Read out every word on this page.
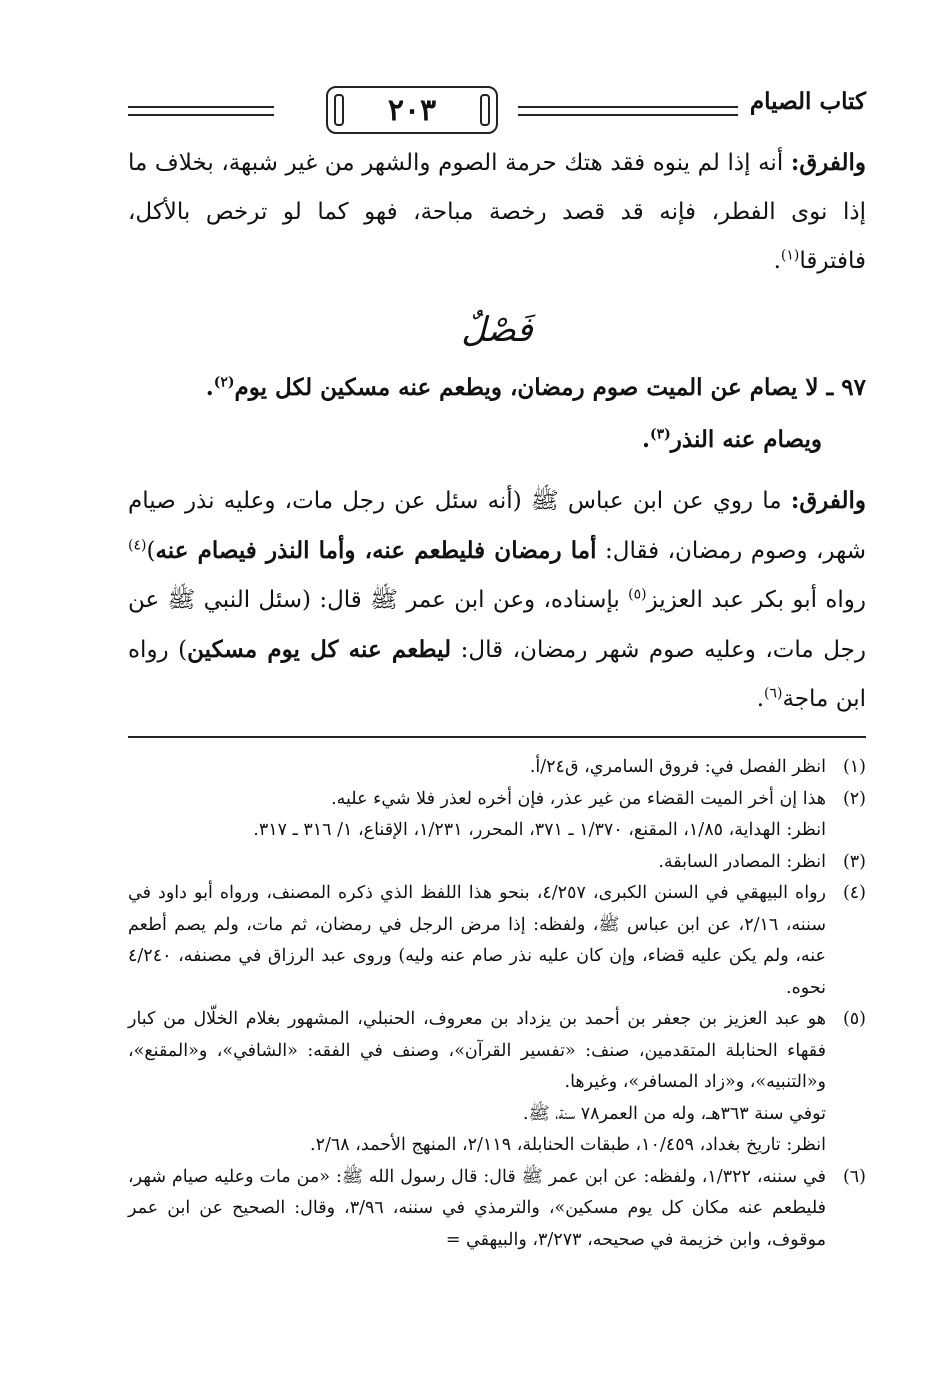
كتاب الصيام
٢٠٣

والفرق: أنه إذا لم ينوه فقد هتك حرمة الصوم والشهر من غير شبهة، بخلاف ما إذا نوى الفطر، فإنه قد قصد رخصة مباحة، فهو كما لو ترخص بالأكل، فافترقا$^{(١)}$.

فَصْلٌ

٩٧ ـ لا يصام عن الميت صوم رمضان، ويطعم عنه مسكين لكل يوم$^{(٢)}$.

ويصام عنه النذر$^{(٣)}$.

والفرق: ما روي عن ابن عباس ﷺ (أنه سئل عن رجل مات، وعليه نذر صيام شهر، وصوم رمضان، فقال: أما رمضان فليطعم عنه، وأما النذر فيصام عنه)$^{(٤)}$ رواه أبو بكر عبد العزيز$^{(٥)}$ بإسناده، وعن ابن عمر ﷺ قال: (سئل النبي ﷺ عن رجل مات، وعليه صوم شهر رمضان، قال: ليطعم عنه كل يوم مسكين) رواه ابن ماجة$^{(٦)}$.

(١)
انظر الفصل في: فروق السامري، ق٢٤/أ.
(٢)
هذا إن أخر الميت القضاء من غير عذر، فإن أخره لعذر فلا شيء عليه.
انظر: الهداية، ١/٨٥، المقنع، ١/٣٧٠ ـ ٣٧١، المحرر، ١/٢٣١، الإقناع، ١/ ٣١٦ ـ ٣١٧.
(٣)
انظر: المصادر السابقة.
(٤)
رواه البيهقي في السنن الكبرى، ٤/٢٥٧، بنحو هذا اللفظ الذي ذكره المصنف، ورواه أبو داود في سننه، ٢/١٦، عن ابن عباس ﷺ، ولفظه: إذا مرض الرجل في رمضان، ثم مات، ولم يصم أطعم عنه، ولم يكن عليه قضاء، وإن كان عليه نذر صام عنه وليه) وروى عبد الرزاق في مصنفه، ٤/٢٤٠ نحوه.
(٥)
هو عبد العزيز بن جعفر بن أحمد بن يزداد بن معروف، الحنبلي، المشهور بغلام الخلّال من كبار فقهاء الحنابلة المتقدمين، صنف: «تفسير القرآن»، وصنف في الفقه: «الشافي»، و«المقنع»، و«التنبيه»، و«زاد المسافر»، وغيرها.
توفي سنة ٣٦٣هـ، وله من العمر٧٨ سنة، ﷺ.
انظر: تاريخ بغداد، ١٠/٤٥٩، طبقات الحنابلة، ٢/١١٩، المنهج الأحمد، ٢/٦٨.
(٦)
في سننه، ١/٣٢٢، ولفظه: عن ابن عمر ﷺ قال: قال رسول الله ﷺ: «من مات وعليه صيام شهر، فليطعم عنه مكان كل يوم مسكين»، والترمذي في سننه، ٣/٩٦، وقال: الصحيح عن ابن عمر موقوف، وابن خزيمة في صحيحه، ٣/٢٧٣، والبيهقي =
